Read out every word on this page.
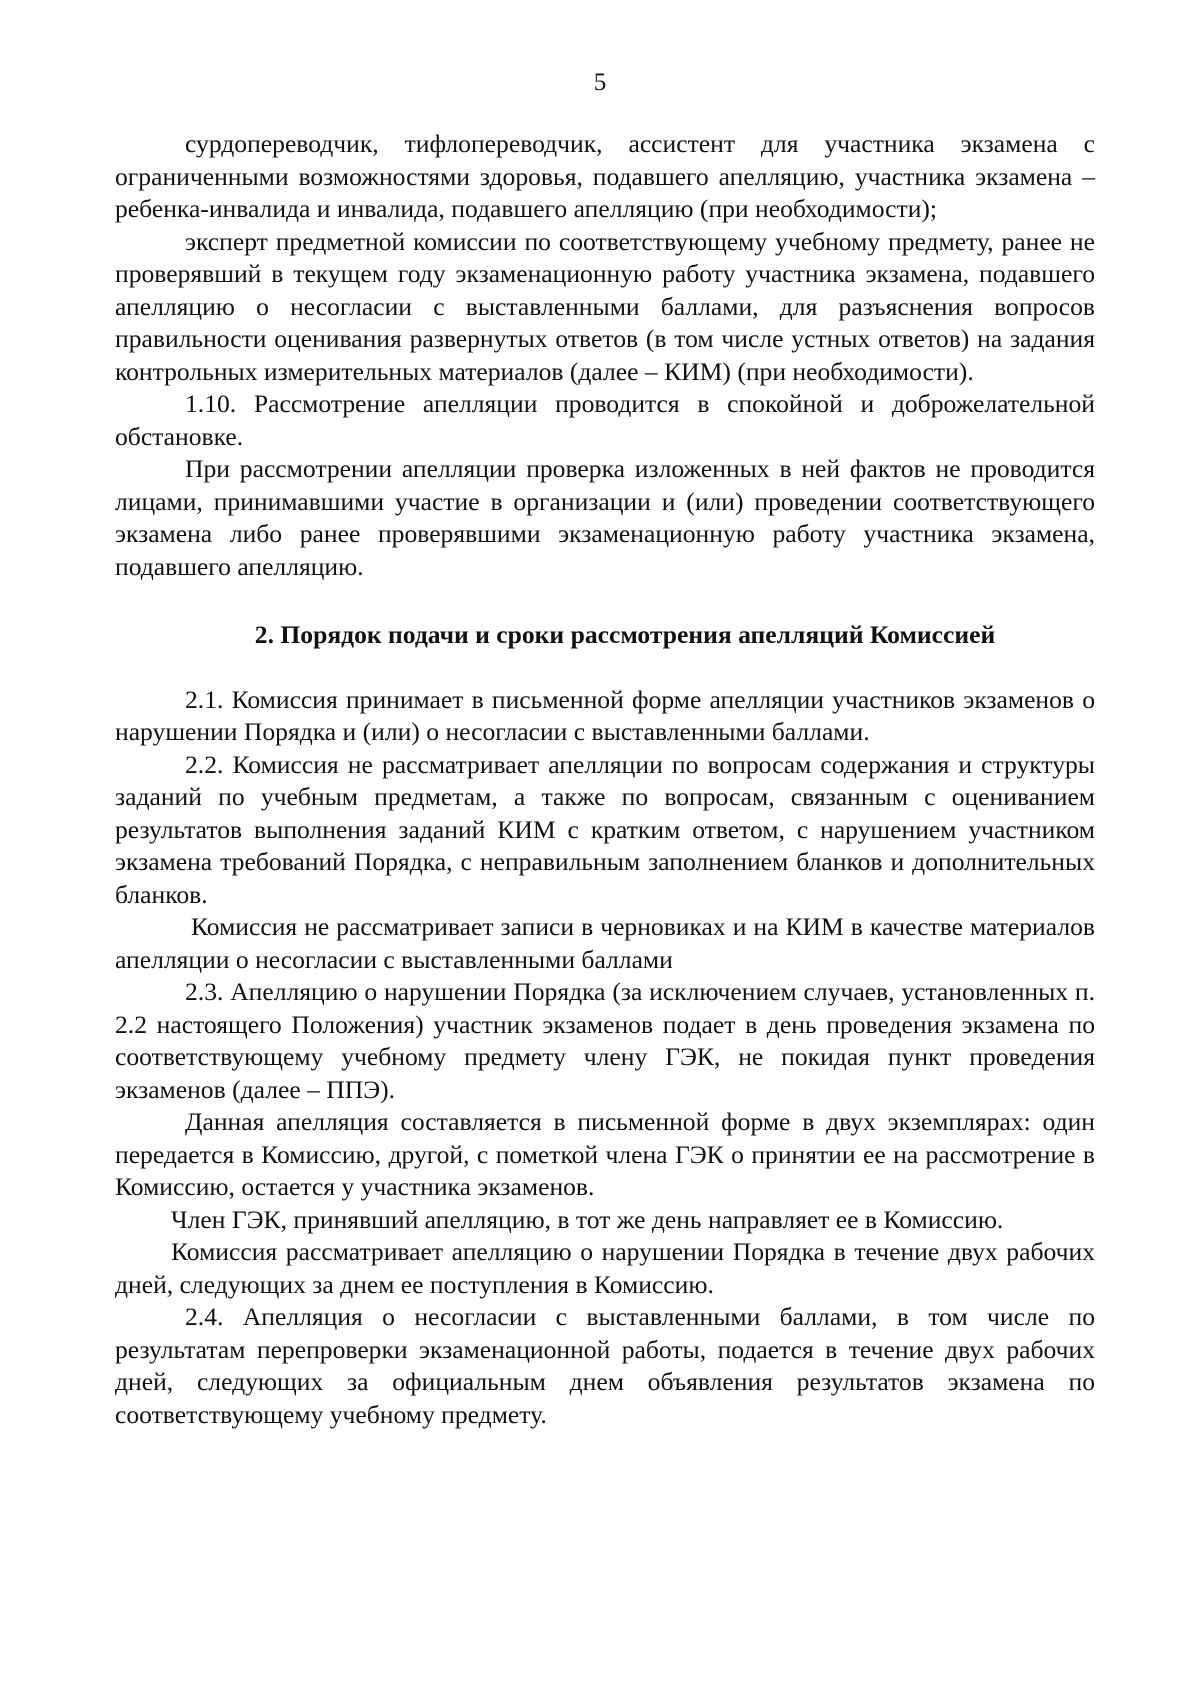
5

сурдопереводчик, тифлопереводчик, ассистент для участника экзамена с ограниченными возможностями здоровья, подавшего апелляцию, участника экзамена – ребенка-инвалида и инвалида, подавшего апелляцию (при необходимости);

эксперт предметной комиссии по соответствующему учебному предмету, ранее не проверявший в текущем году экзаменационную работу участника экзамена, подавшего апелляцию о несогласии с выставленными баллами, для разъяснения вопросов правильности оценивания развернутых ответов (в том числе устных ответов) на задания контрольных измерительных материалов (далее – КИМ) (при необходимости).

1.10. Рассмотрение апелляции проводится в спокойной и доброжелательной обстановке.

При рассмотрении апелляции проверка изложенных в ней фактов не проводится лицами, принимавшими участие в организации и (или) проведении соответствующего экзамена либо ранее проверявшими экзаменационную работу участника экзамена, подавшего апелляцию.

2. Порядок подачи и сроки рассмотрения апелляций Комиссией

2.1. Комиссия принимает в письменной форме апелляции участников экзаменов о нарушении Порядка и (или) о несогласии с выставленными баллами.

2.2. Комиссия не рассматривает апелляции по вопросам содержания и структуры заданий по учебным предметам, а также по вопросам, связанным с оцениванием результатов выполнения заданий КИМ с кратким ответом, с нарушением участником экзамена требований Порядка, с неправильным заполнением бланков и дополнительных бланков.

Комиссия не рассматривает записи в черновиках и на КИМ в качестве материалов апелляции о несогласии с выставленными баллами

2.3. Апелляцию о нарушении Порядка (за исключением случаев, установленных п. 2.2 настоящего Положения) участник экзаменов подает в день проведения экзамена по соответствующему учебному предмету члену ГЭК, не покидая пункт проведения экзаменов (далее – ППЭ).

Данная апелляция составляется в письменной форме в двух экземплярах: один передается в Комиссию, другой, с пометкой члена ГЭК о принятии ее на рассмотрение в Комиссию, остается у участника экзаменов.

Член ГЭК, принявший апелляцию, в тот же день направляет ее в Комиссию.

Комиссия рассматривает апелляцию о нарушении Порядка в течение двух рабочих дней, следующих за днем ее поступления в Комиссию.

2.4. Апелляция о несогласии с выставленными баллами, в том числе по результатам перепроверки экзаменационной работы, подается в течение двух рабочих дней, следующих за официальным днем объявления результатов экзамена по соответствующему учебному предмету.
